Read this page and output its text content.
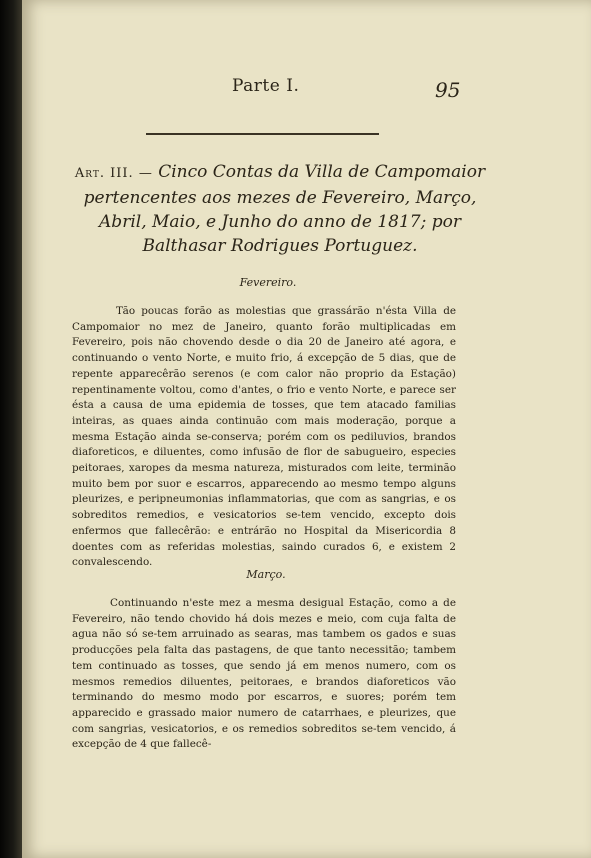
Parte I.	95
Art. III. — Cinco Contas da Villa de Campomaior pertencentes aos mezes de Fevereiro, Março, Abril, Maio, e Junho do anno de 1817; por Balthasar Rodrigues Portuguez.
Fevereiro.
Tão poucas forão as molestias que grassárão n'ésta Villa de Campomaior no mez de Janeiro, quanto forão multiplicadas em Fevereiro, pois não chovendo desde o dia 20 de Janeiro até agora, e continuando o vento Norte, e muito frio, á excepção de 5 dias, que de repente apparecêrão serenos (e com calor não proprio da Estação) repentinamente voltou, como d'antes, o frio e vento Norte, e parece ser ésta a causa de uma epidemia de tosses, que tem atacado familias inteiras, as quaes ainda continuão com mais moderação, porque a mesma Estação ainda se-conserva; porém com os pediluvios, brandos diaforeticos, e diluentes, como infusão de flor de sabugueiro, especies peitoraes, xaropes da mesma natureza, misturados com leite, terminão muito bem por suor e escarros, apparecendo ao mesmo tempo alguns pleurizes, e peripneumonias inflammatorias, que com as sangrias, e os sobreditos remedios, e vesicatorios se-tem vencido, excepto dois enfermos que fallecêrão: e entrárão no Hospital da Misericordia 8 doentes com as referidas molestias, saindo curados 6, e existem 2 convalescendo.
Março.
Continuando n'este mez a mesma desigual Estação, como a de Fevereiro, não tendo chovido há dois mezes e meio, com cuja falta de agua não só se-tem arruinado as searas, mas tambem os gados e suas producções pela falta das pastagens, de que tanto necessitão; tambem tem continuado as tosses, que sendo já em menos numero, com os mesmos remedios diluentes, peitoraes, e brandos diaforeticos vão terminando do mesmo modo por escarros, e suores; porém tem apparecido e grassado maior numero de catarrhaes, e pleurizes, que com sangrias, vesicatorios, e os remedios sobreditos se-tem vencido, á excepção de 4 que fallecê-
